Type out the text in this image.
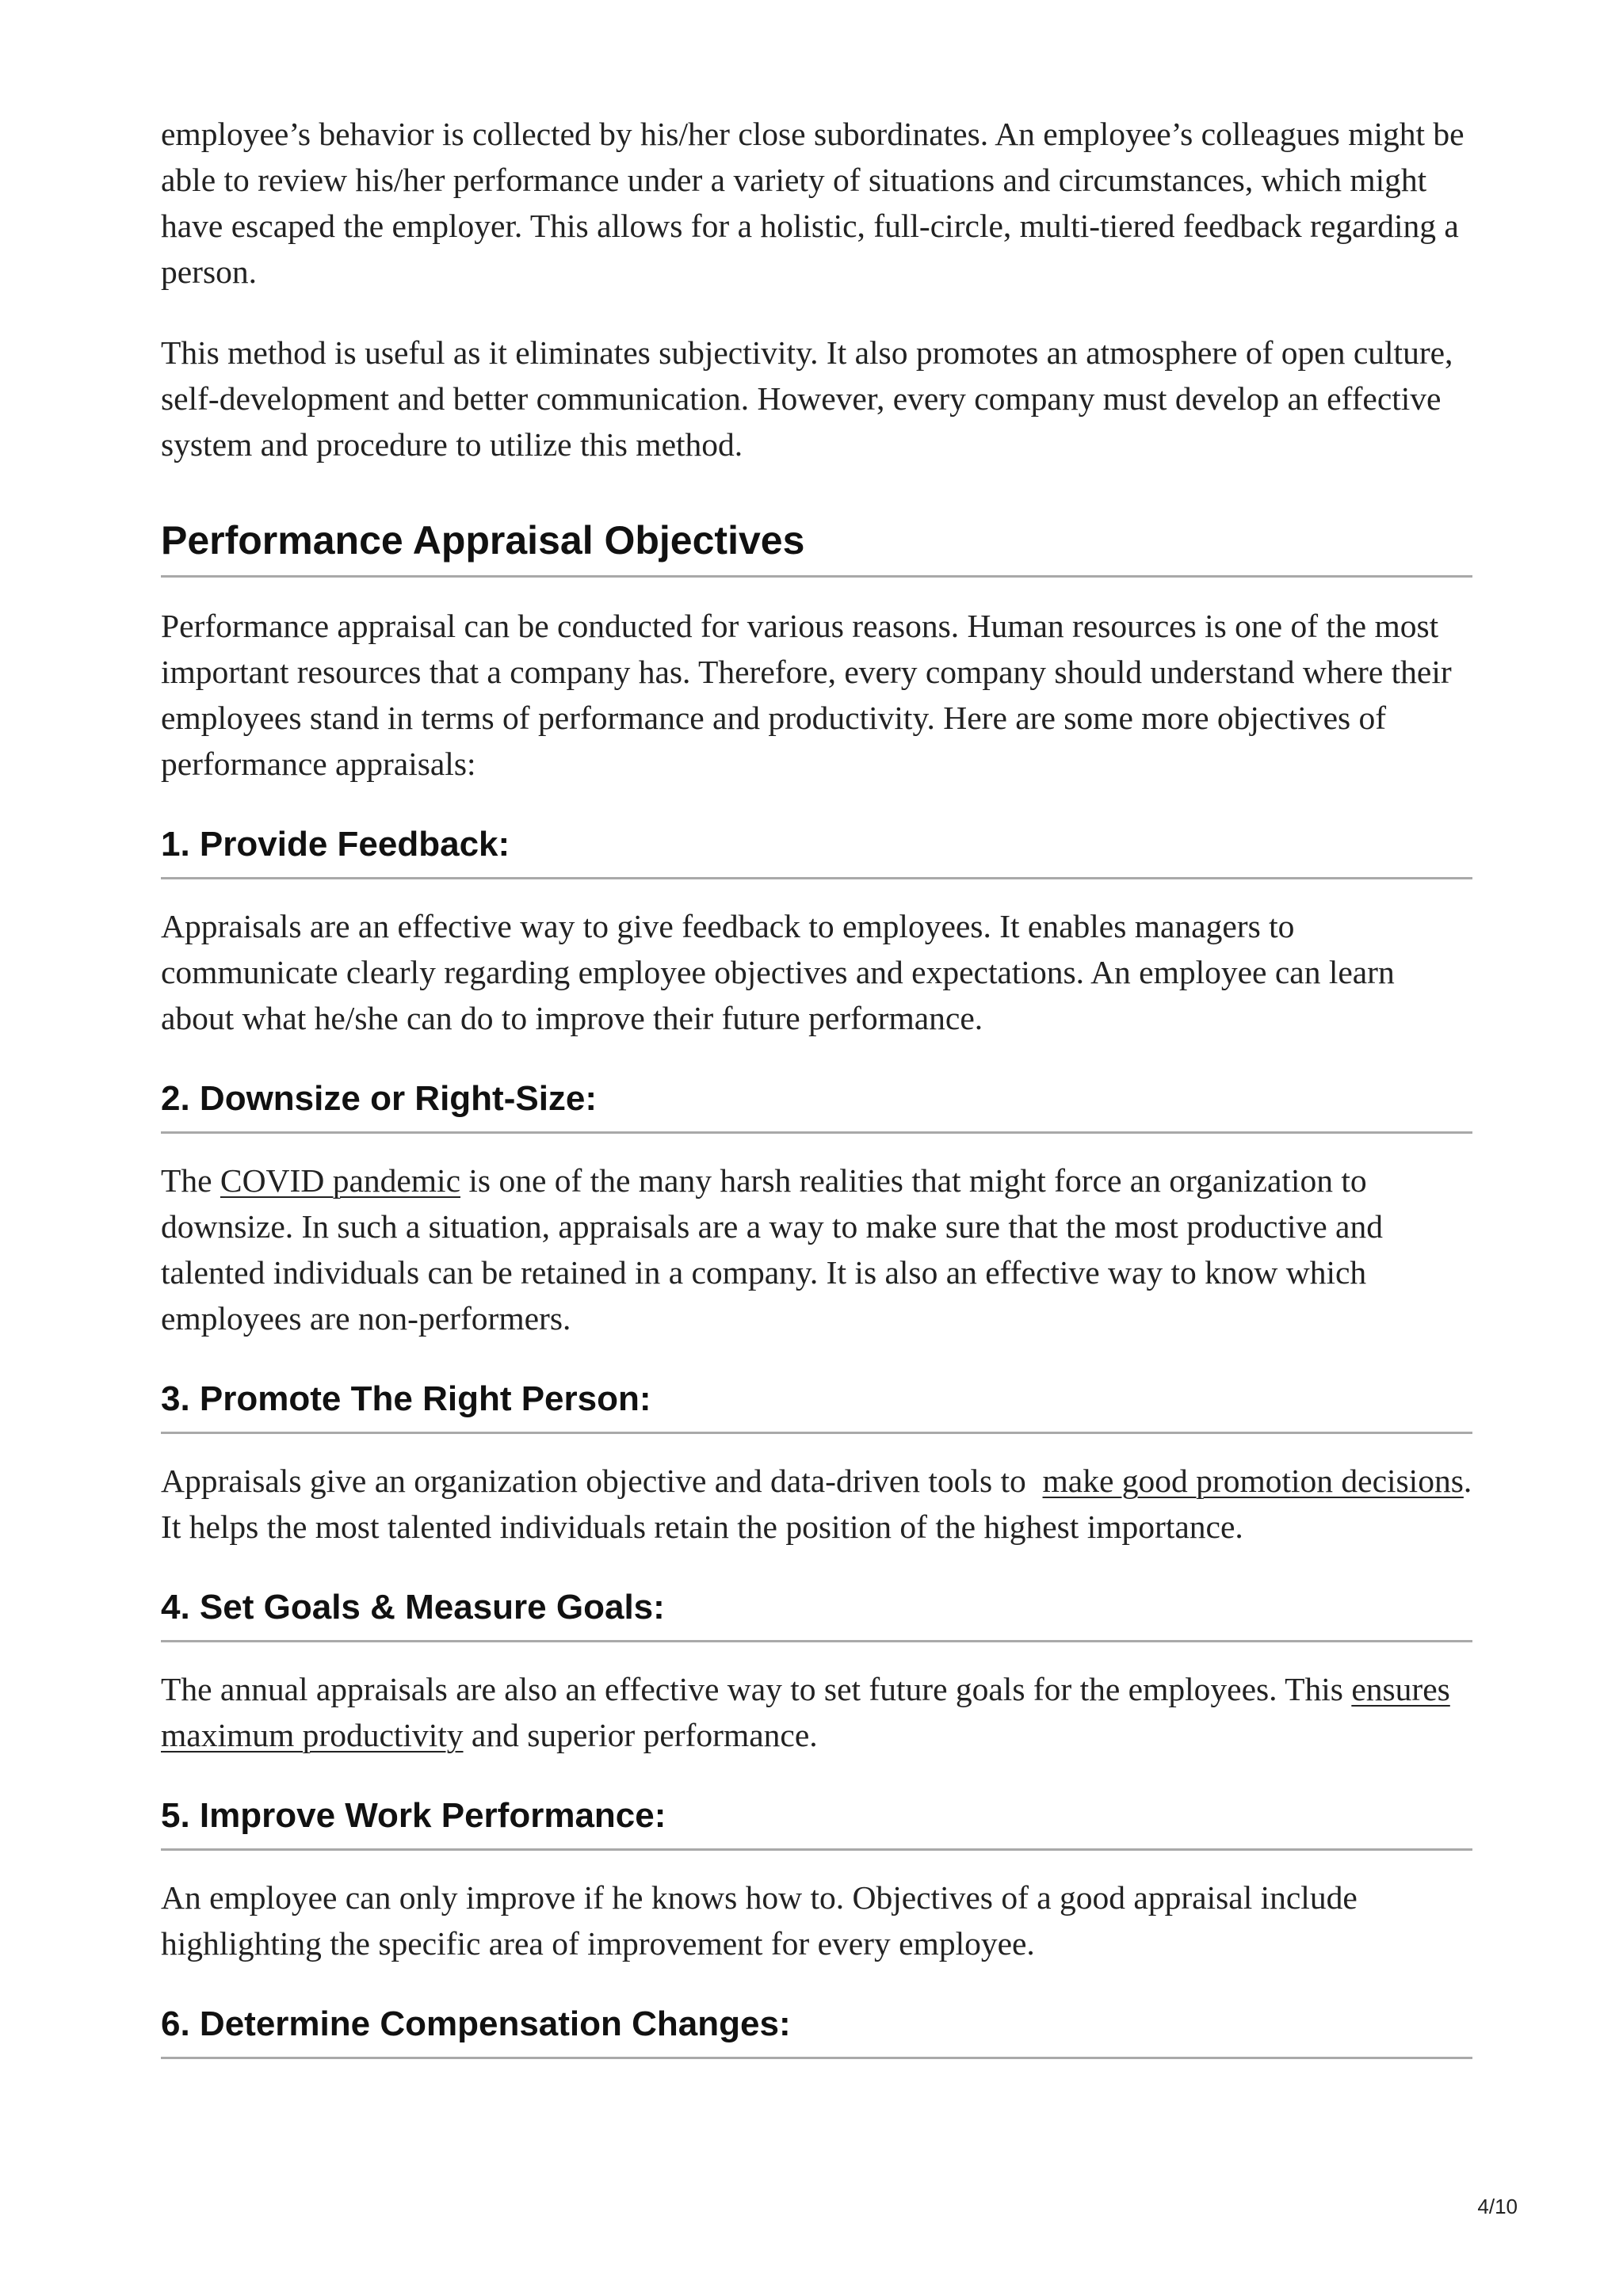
employee’s behavior is collected by his/her close subordinates. An employee’s colleagues might be able to review his/her performance under a variety of situations and circumstances, which might have escaped the employer. This allows for a holistic, full-circle, multi-tiered feedback regarding a person.

This method is useful as it eliminates subjectivity. It also promotes an atmosphere of open culture, self-development and better communication. However, every company must develop an effective system and procedure to utilize this method.

Performance Appraisal Objectives

Performance appraisal can be conducted for various reasons. Human resources is one of the most important resources that a company has. Therefore, every company should understand where their employees stand in terms of performance and productivity. Here are some more objectives of performance appraisals:

1. Provide Feedback:

Appraisals are an effective way to give feedback to employees. It enables managers to communicate clearly regarding employee objectives and expectations. An employee can learn about what he/she can do to improve their future performance.

2. Downsize or Right-Size:

The COVID pandemic is one of the many harsh realities that might force an organization to downsize. In such a situation, appraisals are a way to make sure that the most productive and talented individuals can be retained in a company. It is also an effective way to know which employees are non-performers.

3. Promote The Right Person:

Appraisals give an organization objective and data-driven tools to  make good promotion decisions. It helps the most talented individuals retain the position of the highest importance.

4. Set Goals & Measure Goals:

The annual appraisals are also an effective way to set future goals for the employees. This ensures maximum productivity and superior performance.

5. Improve Work Performance:

An employee can only improve if he knows how to. Objectives of a good appraisal include highlighting the specific area of improvement for every employee.

6. Determine Compensation Changes:
4/10
